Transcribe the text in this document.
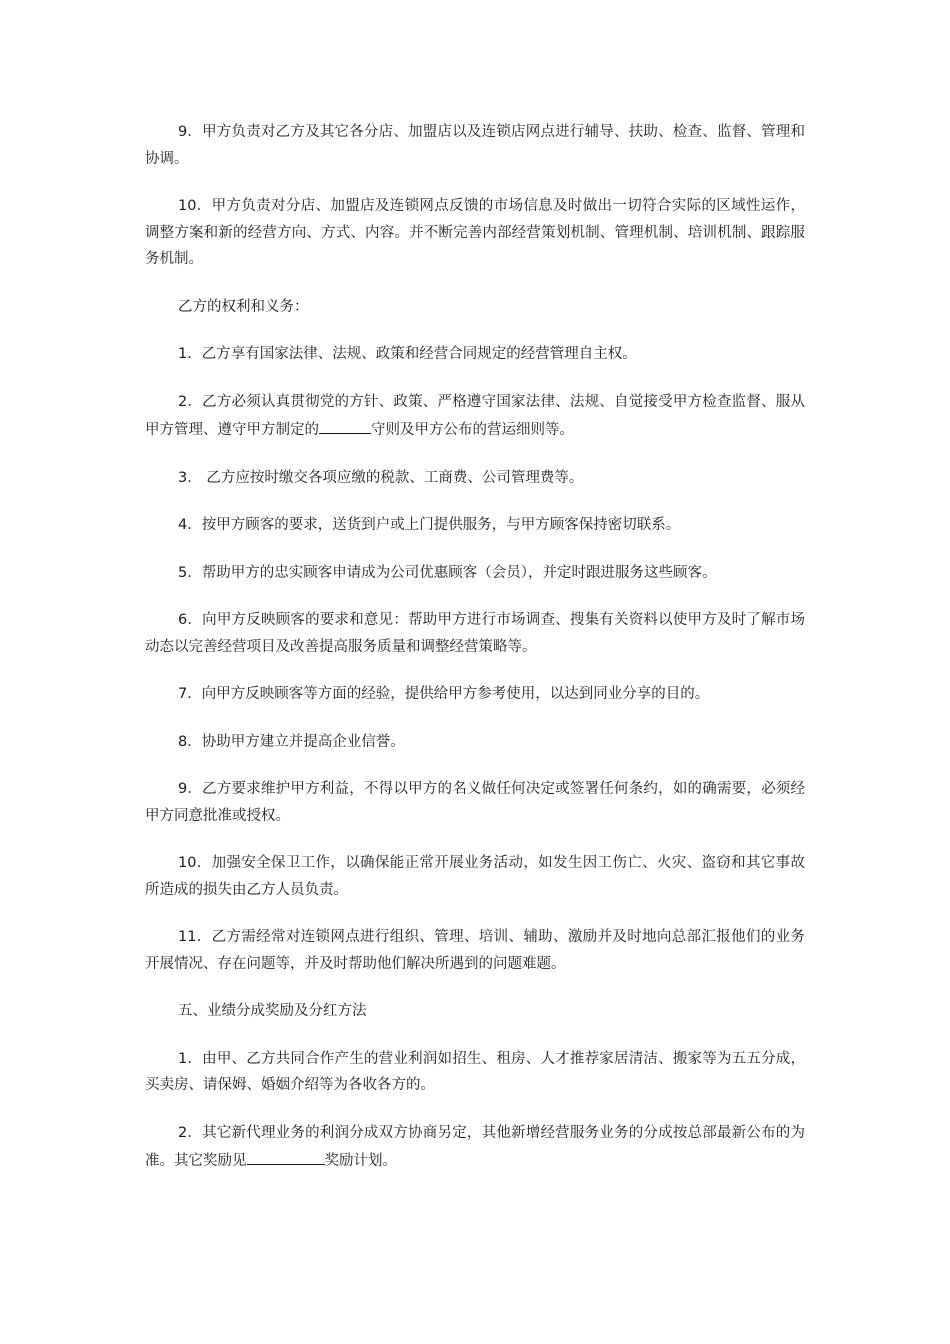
9．甲方负责对乙方及其它各分店、加盟店以及连锁店网点进行辅导、扶助、检查、监督、管理和协调。

10．甲方负责对分店、加盟店及连锁网点反馈的市场信息及时做出一切符合实际的区域性运作，调整方案和新的经营方向、方式、内容。并不断完善内部经营策划机制、管理机制、培训机制、跟踪服务机制。

乙方的权利和义务：

1．乙方享有国家法律、法规、政策和经营合同规定的经营管理自主权。

2．乙方必须认真贯彻党的方针、政策、严格遵守国家法律、法规、自觉接受甲方检查监督、服从甲方管理、遵守甲方制定的	守则及甲方公布的营运细则等。

3． 乙方应按时缴交各项应缴的税款、工商费、公司管理费等。

4．按甲方顾客的要求，送货到户或上门提供服务，与甲方顾客保持密切联系。

5．帮助甲方的忠实顾客申请成为公司优惠顾客（会员），并定时跟进服务这些顾客。

6．向甲方反映顾客的要求和意见：帮助甲方进行市场调查、搜集有关资料以使甲方及时了解市场动态以完善经营项目及改善提高服务质量和调整经营策略等。

7．向甲方反映顾客等方面的经验，提供给甲方参考使用，以达到同业分享的目的。

8．协助甲方建立并提高企业信誉。

9．乙方要求维护甲方利益，不得以甲方的名义做任何决定或签署任何条约，如的确需要，必须经甲方同意批准或授权。

10．加强安全保卫工作，以确保能正常开展业务活动，如发生因工伤亡、火灾、盗窃和其它事故所造成的损失由乙方人员负责。

11．乙方需经常对连锁网点进行组织、管理、培训、辅助、激励并及时地向总部汇报他们的业务开展情况、存在问题等，并及时帮助他们解决所遇到的问题难题。

五、业绩分成奖励及分红方法

1．由甲、乙方共同合作产生的营业利润如招生、租房、人才推荐家居清洁、搬家等为五五分成，买卖房、请保姆、婚姻介绍等为各收各方的。

2．其它新代理业务的利润分成双方协商另定，其他新增经营服务业务的分成按总部最新公布的为准。其它奖励见	奖励计划。
